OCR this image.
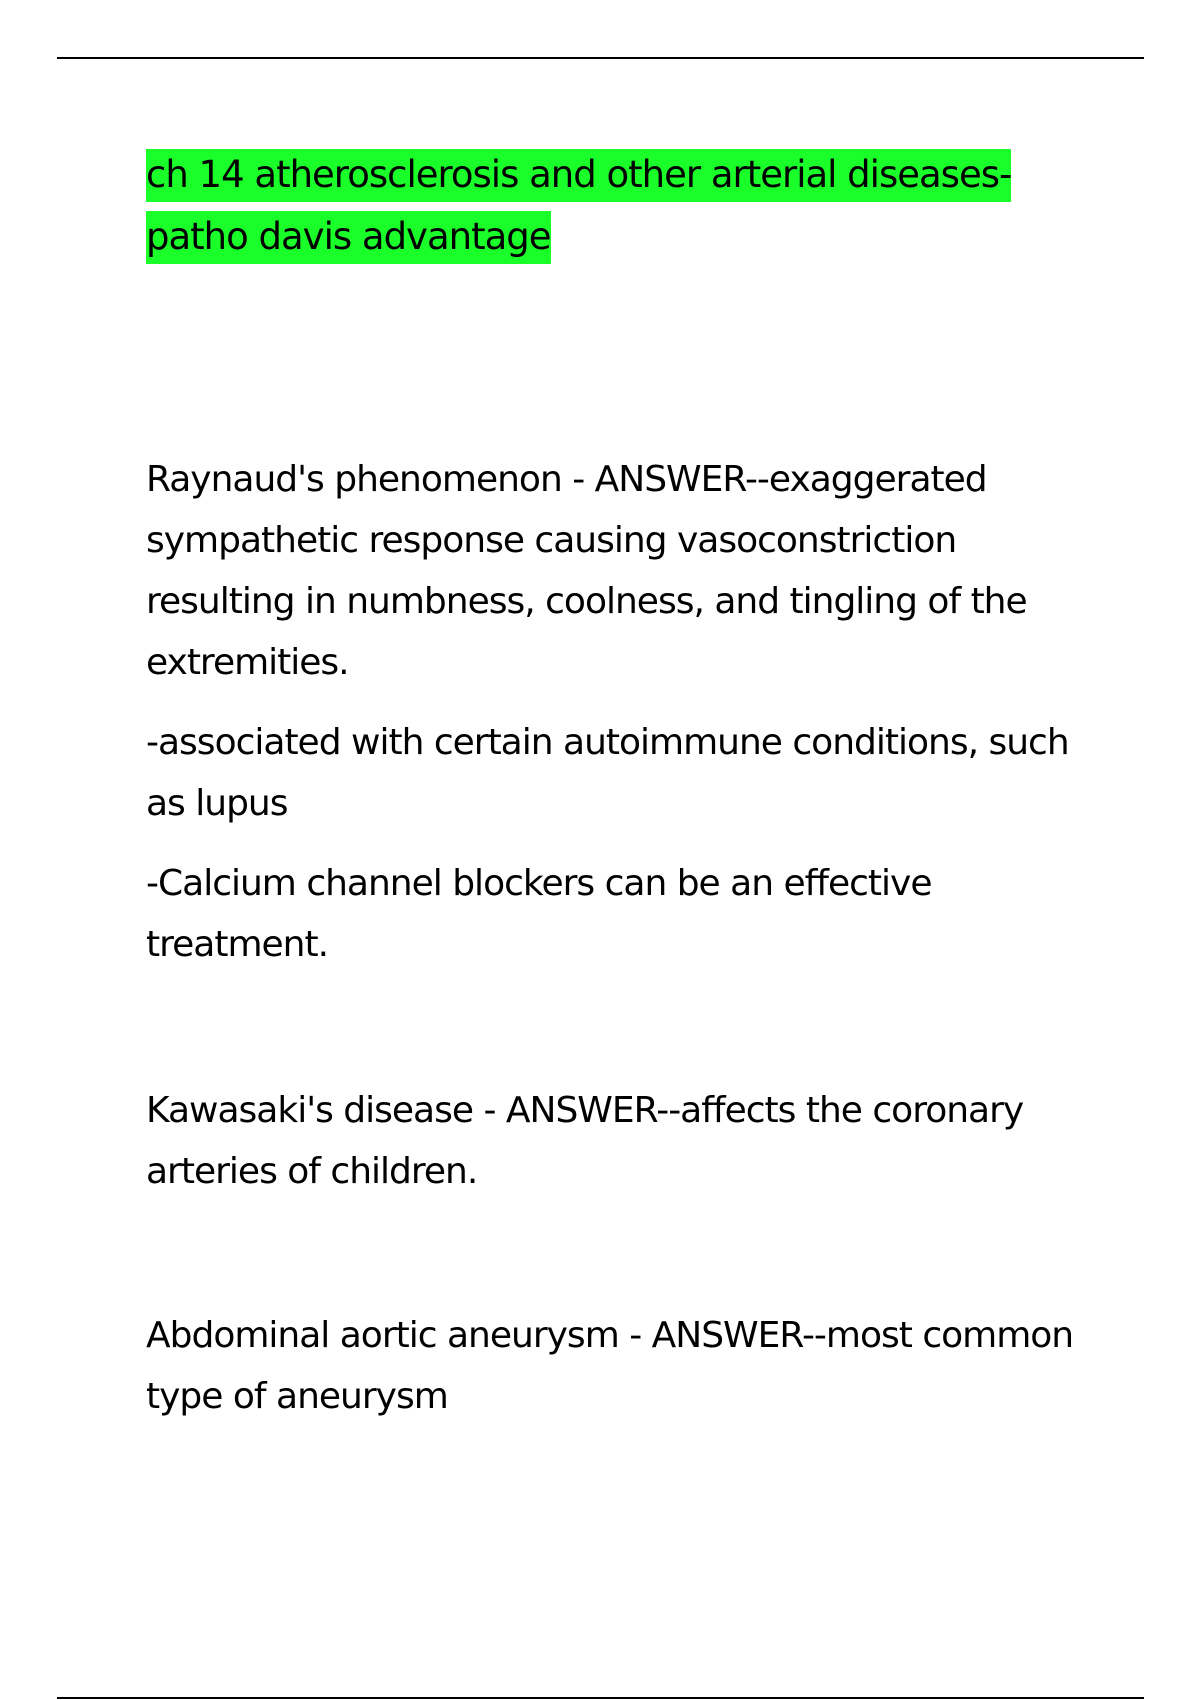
ch 14 atherosclerosis and other arterial diseases-
patho davis advantage

Raynaud's phenomenon - ANSWER--exaggerated sympathetic response causing vasoconstriction resulting in numbness, coolness, and tingling of the extremities.

-associated with certain autoimmune conditions, such as lupus

-Calcium channel blockers can be an effective treatment.

Kawasaki's disease - ANSWER--affects the coronary arteries of children.

Abdominal aortic aneurysm - ANSWER--most common type of aneurysm
